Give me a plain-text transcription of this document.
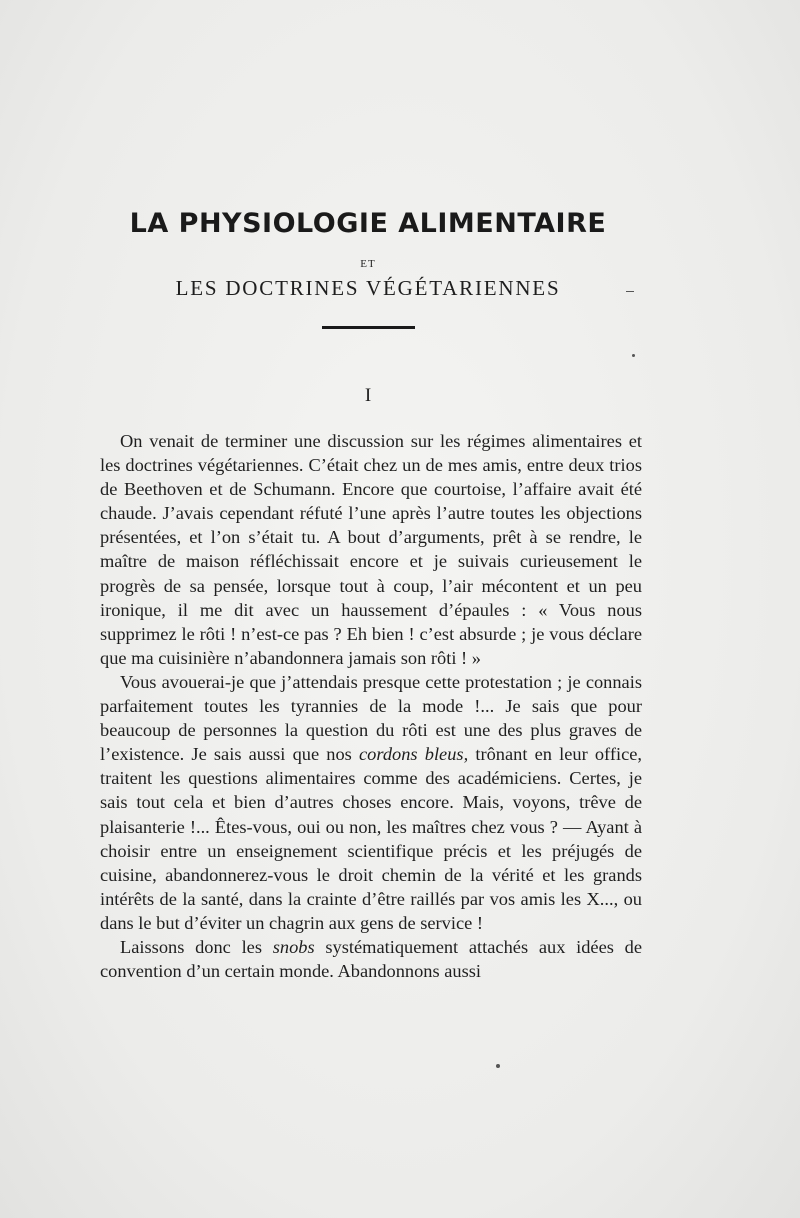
LA PHYSIOLOGIE ALIMENTAIRE
ET
LES DOCTRINES VÉGÉTARIENNES
I

On venait de terminer une discussion sur les régimes alimentaires et les doctrines végétariennes. C’était chez un de mes amis, entre deux trios de Beethoven et de Schumann. Encore que courtoise, l’affaire avait été chaude. J’avais cependant réfuté l’une après l’autre toutes les objections présentées, et l’on s’était tu. A bout d’arguments, prêt à se rendre, le maître de maison réfléchissait encore et je suivais curieusement le progrès de sa pensée, lorsque tout à coup, l’air mécontent et un peu ironique, il me dit avec un haussement d’épaules : « Vous nous supprimez le rôti ! n’est-ce pas ? Eh bien ! c’est absurde ; je vous déclare que ma cuisinière n’abandonnera jamais son rôti ! »

Vous avouerai-je que j’attendais presque cette protestation ; je connais parfaitement toutes les tyrannies de la mode !... Je sais que pour beaucoup de personnes la question du rôti est une des plus graves de l’existence. Je sais aussi que nos cordons bleus, trônant en leur office, traitent les questions alimentaires comme des académiciens. Certes, je sais tout cela et bien d’autres choses encore. Mais, voyons, trêve de plaisanterie !... Êtes-vous, oui ou non, les maîtres chez vous ? — Ayant à choisir entre un enseignement scientifique précis et les préjugés de cuisine, abandonnerez-vous le droit chemin de la vérité et les grands intérêts de la santé, dans la crainte d’être raillés par vos amis les X..., ou dans le but d’éviter un chagrin aux gens de service !

Laissons donc les snobs systématiquement attachés aux idées de convention d’un certain monde. Abandonnons aussi
